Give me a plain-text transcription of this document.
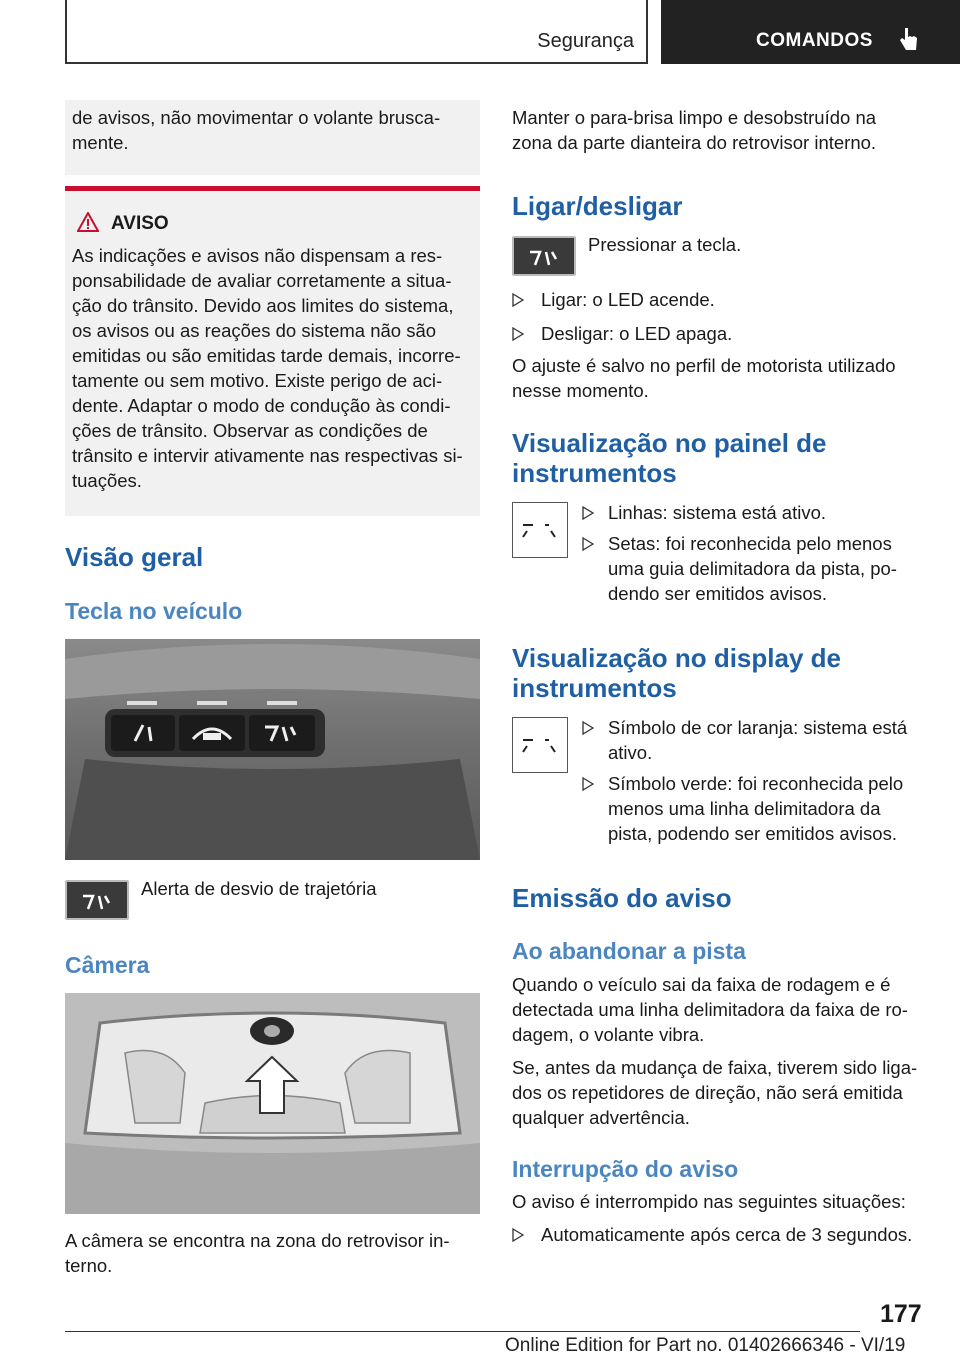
Segurança	COMANDOS
de avisos, não movimentar o volante brusca-mente.
AVISO
As indicações e avisos não dispensam a res-ponsabilidade de avaliar corretamente a situa-ção do trânsito. Devido aos limites do sistema, os avisos ou as reações do sistema não são emitidas ou são emitidas tarde demais, incorre-tamente ou sem motivo. Existe perigo de aci-dente. Adaptar o modo de condução às condi-ções de trânsito. Observar as condições de trânsito e intervir ativamente nas respectivas si-tuações.
Visão geral
Tecla no veículo
Alerta de desvio de trajetória
Câmera
A câmera se encontra na zona do retrovisor in-terno.
Manter o para-brisa limpo e desobstruído na zona da parte dianteira do retrovisor interno.
Ligar/desligar
Pressionar a tecla.
Ligar: o LED acende.
Desligar: o LED apaga.
O ajuste é salvo no perfil de motorista utilizado nesse momento.
Visualização no painel de instrumentos
Linhas: sistema está ativo.
Setas: foi reconhecida pelo menos uma guia delimitadora da pista, po-dendo ser emitidos avisos.
Visualização no display de instrumentos
Símbolo de cor laranja: sistema está ativo.
Símbolo verde: foi reconhecida pelo menos uma linha delimitadora da pista, podendo ser emitidos avisos.
Emissão do aviso
Ao abandonar a pista
Quando o veículo sai da faixa de rodagem e é detectada uma linha delimitadora da faixa de ro-dagem, o volante vibra.
Se, antes da mudança de faixa, tiverem sido liga-dos os repetidores de direção, não será emitida qualquer advertência.
Interrupção do aviso
O aviso é interrompido nas seguintes situações:
Automaticamente após cerca de 3 segundos.
177
Online Edition for Part no. 01402666346 - VI/19
